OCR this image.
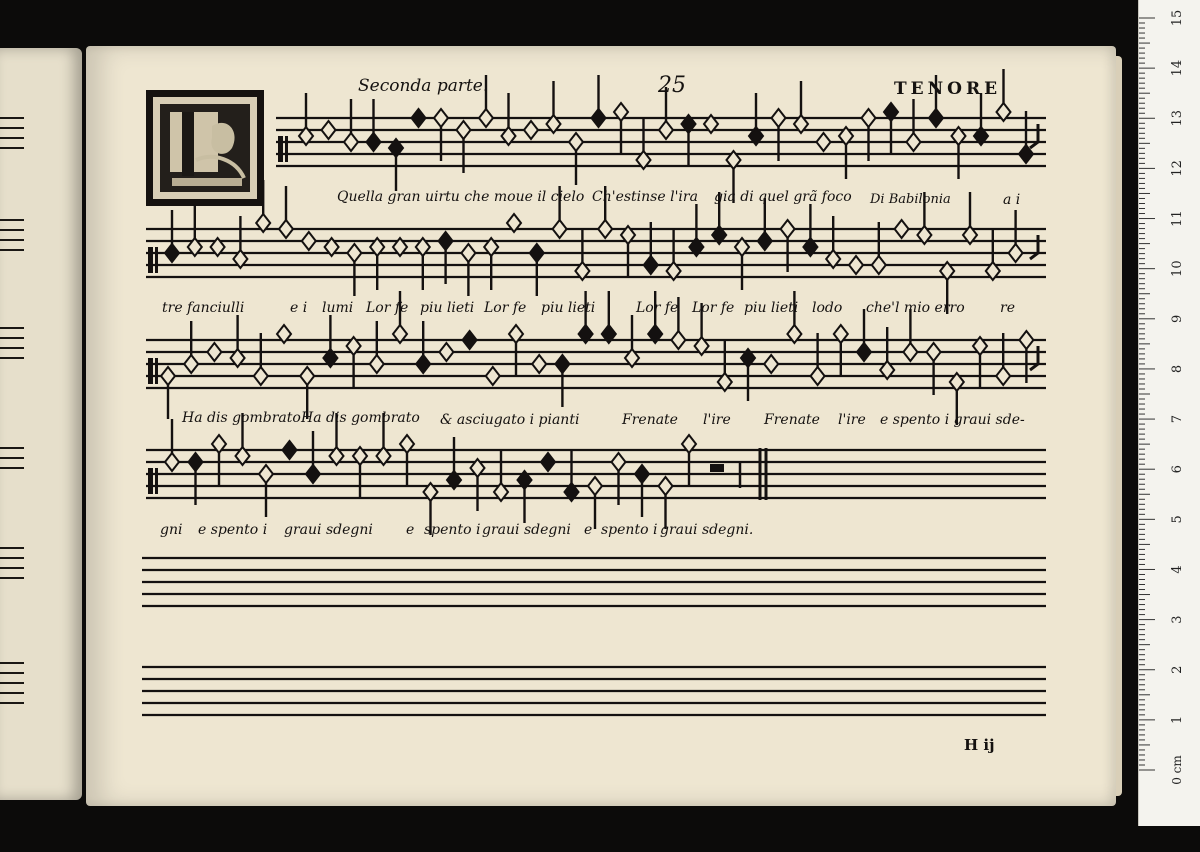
Seconda parte.	25	TENORE
Quella gran uirtu che moue il cielo Ch'estinse l'ira gia di quel grã foco Di Babilonia	a i
tre fanciulli	e i lumi Lor fe piu lieti Lor fe piu lieti	Lor fe Lor fe piu lieti lodo che'l mio erro	re
Ha dis gombrato Ha dis gombrato & asciugato i pianti	Frenate l'ire Frenate l'ire e spento i graui sde-
gni e spento i graui sdegni e spento i graui sdegni e spento i graui sdegni.
H ij
1
2
3
4
5
6
7
8
9
10
11
12
13
14
15
0 cm
